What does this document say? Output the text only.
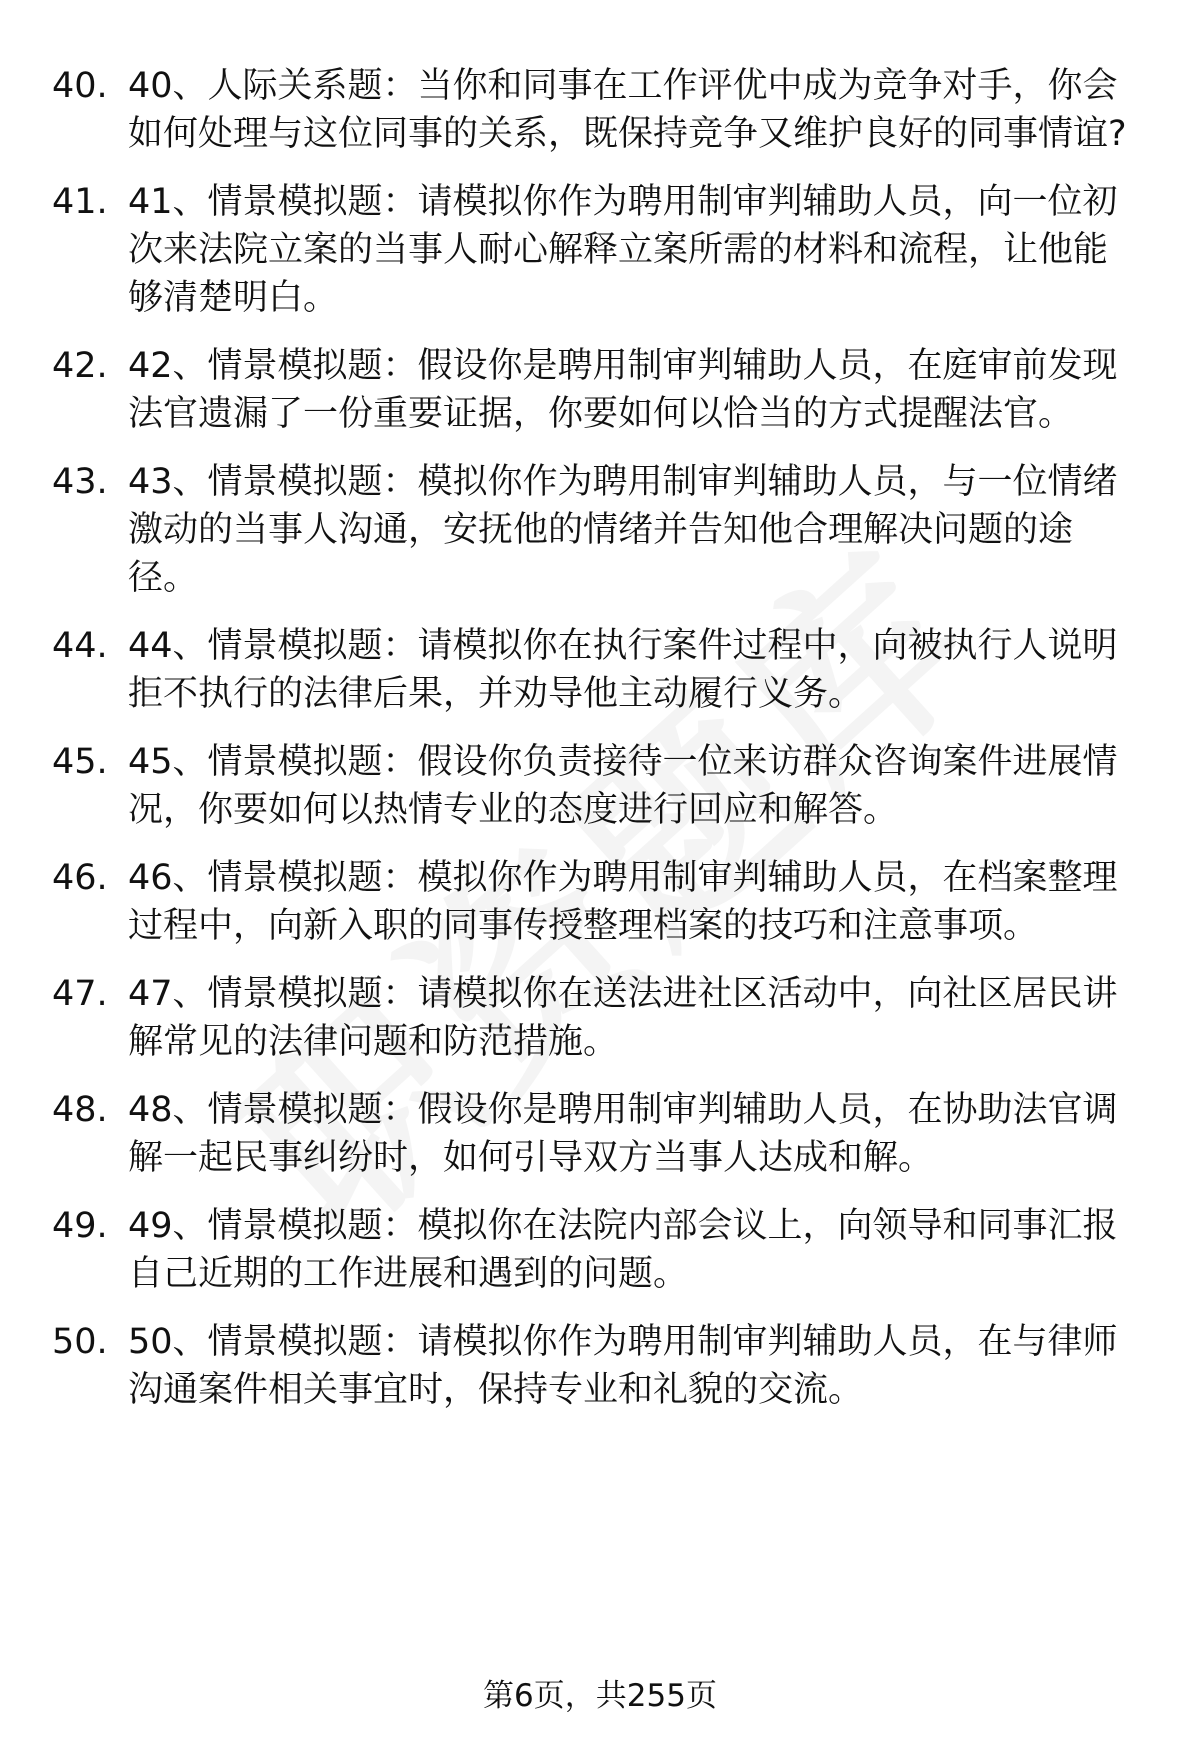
40. 40、人际关系题：当你和同事在工作评优中成为竞争对手，你会如何处理与这位同事的关系，既保持竞争又维护良好的同事情谊?
41. 41、情景模拟题：请模拟你作为聘用制审判辅助人员，向一位初次来法院立案的当事人耐心解释立案所需的材料和流程，让他能够清楚明白。
42. 42、情景模拟题：假设你是聘用制审判辅助人员，在庭审前发现法官遗漏了一份重要证据，你要如何以恰当的方式提醒法官。
43. 43、情景模拟题：模拟你作为聘用制审判辅助人员，与一位情绪激动的当事人沟通，安抚他的情绪并告知他合理解决问题的途径。
44. 44、情景模拟题：请模拟你在执行案件过程中，向被执行人说明拒不执行的法律后果，并劝导他主动履行义务。
45. 45、情景模拟题：假设你负责接待一位来访群众咨询案件进展情况，你要如何以热情专业的态度进行回应和解答。
46. 46、情景模拟题：模拟你作为聘用制审判辅助人员，在档案整理过程中，向新入职的同事传授整理档案的技巧和注意事项。
47. 47、情景模拟题：请模拟你在送法进社区活动中，向社区居民讲解常见的法律问题和防范措施。
48. 48、情景模拟题：假设你是聘用制审判辅助人员，在协助法官调解一起民事纠纷时，如何引导双方当事人达成和解。
49. 49、情景模拟题：模拟你在法院内部会议上，向领导和同事汇报自己近期的工作进展和遇到的问题。
50. 50、情景模拟题：请模拟你作为聘用制审判辅助人员，在与律师沟通案件相关事宜时，保持专业和礼貌的交流。
第6页，共255页
